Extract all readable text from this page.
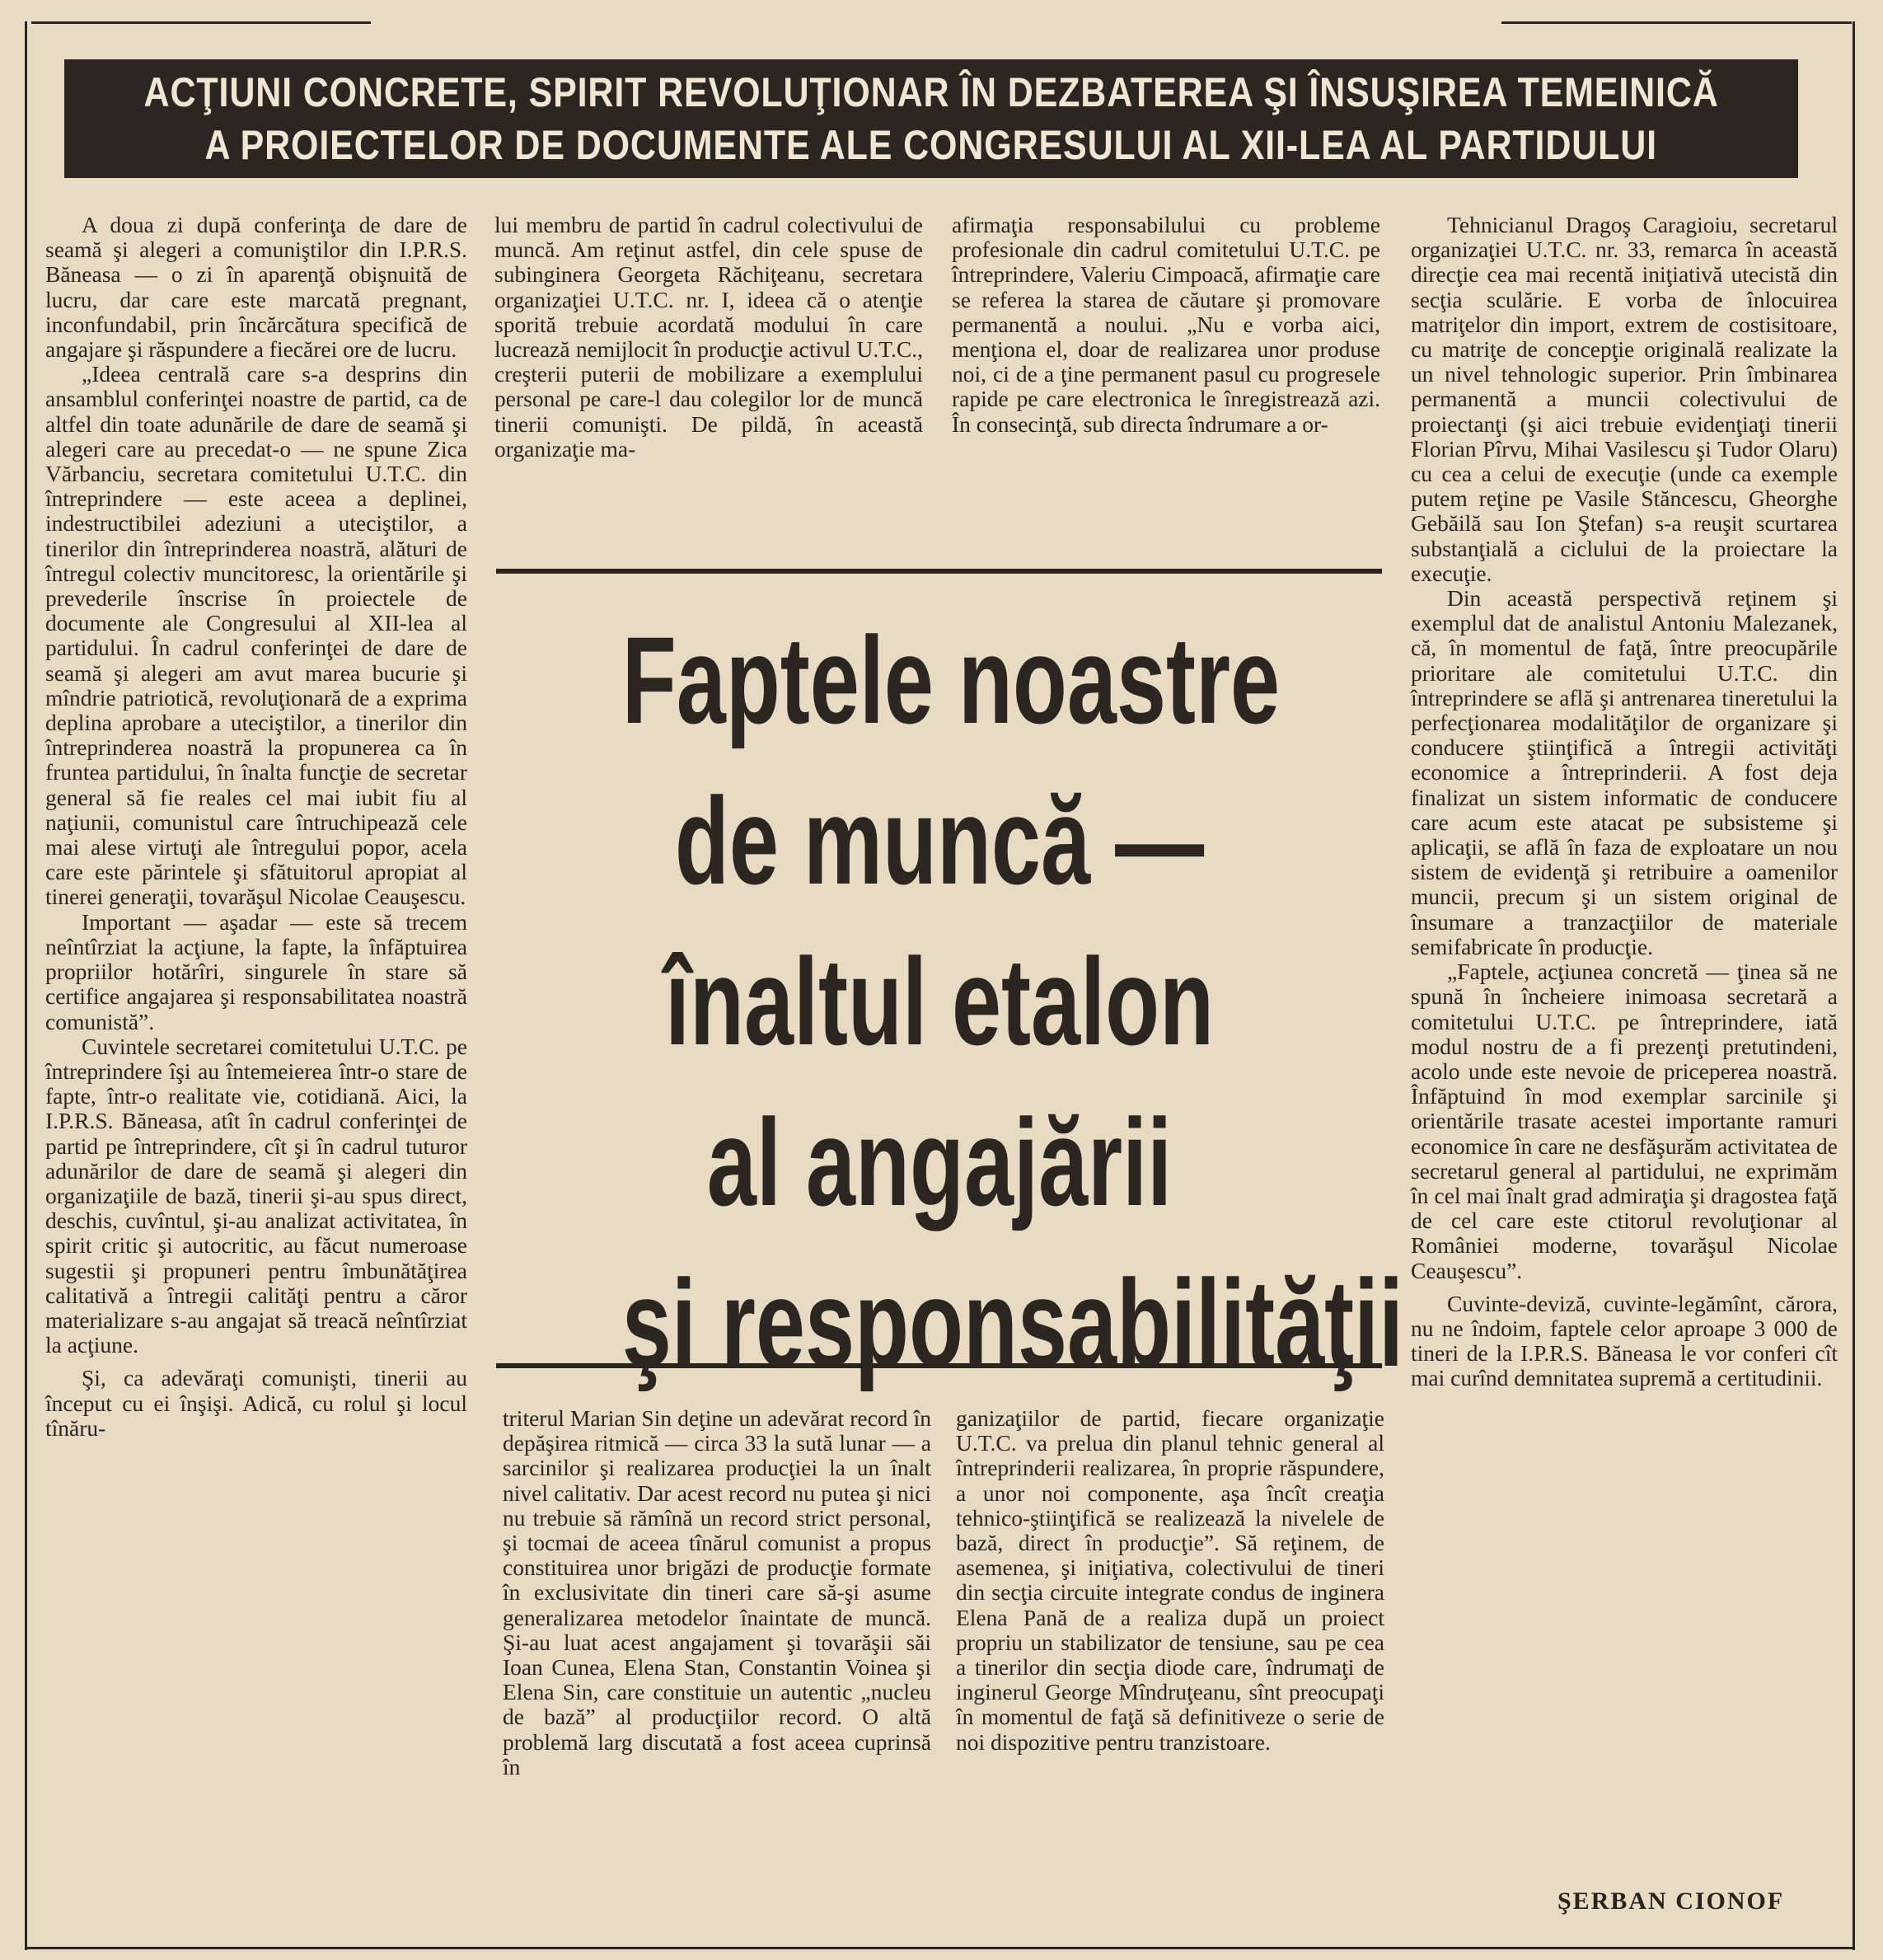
ACŢIUNI CONCRETE, SPIRIT REVOLUŢIONAR ÎN DEZBATEREA ŞI ÎNSUŞIREA TEMEINICĂ
A PROIECTELOR DE DOCUMENTE ALE CONGRESULUI AL XII-LEA AL PARTIDULUI

A doua zi după conferinţa de dare de seamă şi alegeri a comuniştilor din I.P.R.S. Băneasa — o zi în aparenţă obişnuită de lucru, dar care este marcată pregnant, inconfundabil, prin încărcătura specifică de angajare şi răspundere a fiecărei ore de lucru.

„Ideea centrală care s-a desprins din ansamblul conferinţei noastre de partid, ca de altfel din toate adunările de dare de seamă şi alegeri care au precedat-o — ne spune Zica Vărbanciu, secretara comitetului U.T.C. din întreprindere — este aceea a deplinei, indestructibilei adeziuni a uteciştilor, a tinerilor din întreprinderea noastră, alături de întregul colectiv muncitoresc, la orientările şi prevederile înscrise în proiectele de documente ale Congresului al XII-lea al partidului. În cadrul conferinţei de dare de seamă şi alegeri am avut marea bucurie şi mîndrie patriotică, revoluţionară de a exprima deplina aprobare a uteciştilor, a tinerilor din întreprinderea noastră la propunerea ca în fruntea partidului, în înalta funcţie de secretar general să fie reales cel mai iubit fiu al naţiunii, comunistul care întruchipează cele mai alese virtuţi ale întregului popor, acela care este părintele şi sfătuitorul apropiat al tinerei generaţii, tovarăşul Nicolae Ceauşescu.

Important — aşadar — este să trecem neîntîrziat la acţiune, la fapte, la înfăptuirea propriilor hotărîri, singurele în stare să certifice angajarea şi responsabilitatea noastră comunistă”.

Cuvintele secretarei comitetului U.T.C. pe întreprindere îşi au întemeierea într-o stare de fapte, într-o realitate vie, cotidiană. Aici, la I.P.R.S. Băneasa, atît în cadrul conferinţei de partid pe întreprindere, cît şi în cadrul tuturor adunărilor de dare de seamă şi alegeri din organizaţiile de bază, tinerii şi-au spus direct, deschis, cuvîntul, şi-au analizat activitatea, în spirit critic şi autocritic, au făcut numeroase sugestii şi propuneri pentru îmbunătăţirea calitativă a întregii calităţi pentru a căror materializare s-au angajat să treacă neîntîrziat la acţiune.

Şi, ca adevăraţi comunişti, tinerii au început cu ei înşişi. Adică, cu rolul şi locul tînăru-

lui membru de partid în cadrul colectivului de muncă. Am reţinut astfel, din cele spuse de subinginera Georgeta Răchiţeanu, secretara organizaţiei U.T.C. nr. I, ideea că o atenţie sporită trebuie acordată modului în care lucrează nemijlocit în producţie activul U.T.C., creşterii puterii de mobilizare a exemplului personal pe care-l dau colegilor lor de muncă tinerii comunişti. De pildă, în această organizaţie ma-

afirmaţia responsabilului cu probleme profesionale din cadrul comitetului U.T.C. pe întreprindere, Valeriu Cimpoacă, afirmaţie care se referea la starea de căutare şi promovare permanentă a noului. „Nu e vorba aici, menţiona el, doar de realizarea unor produse noi, ci de a ţine permanent pasul cu progresele rapide pe care electronica le înregistrează azi. În consecinţă, sub directa îndrumare a or-

Faptele noastre
de muncă —
înaltul etalon
al angajării
şi responsabilităţii

triterul Marian Sin deţine un adevărat record în depăşirea ritmică — circa 33 la sută lunar — a sarcinilor şi realizarea producţiei la un înalt nivel calitativ. Dar acest record nu putea şi nici nu trebuie să rămînă un record strict personal, şi tocmai de aceea tînărul comunist a propus constituirea unor brigăzi de producţie formate în exclusivitate din tineri care să-şi asume generalizarea metodelor înaintate de muncă. Şi-au luat acest angajament şi tovarăşii săi Ioan Cunea, Elena Stan, Constantin Voinea şi Elena Sin, care constituie un autentic „nucleu de bază” al producţiilor record. O altă problemă larg discutată a fost aceea cuprinsă în

ganizaţiilor de partid, fiecare organizaţie U.T.C. va prelua din planul tehnic general al întreprinderii realizarea, în proprie răspundere, a unor noi componente, aşa încît creaţia tehnico-ştiinţifică se realizează la nivelele de bază, direct în producţie”. Să reţinem, de asemenea, şi iniţiativa, colectivului de tineri din secţia circuite integrate condus de inginera Elena Pană de a realiza după un proiect propriu un stabilizator de tensiune, sau pe cea a tinerilor din secţia diode care, îndrumaţi de inginerul George Mîndruţeanu, sînt preocupaţi în momentul de faţă să definitiveze o serie de noi dispozitive pentru tranzistoare.

Tehnicianul Dragoş Caragioiu, secretarul organizaţiei U.T.C. nr. 33, remarca în această direcţie cea mai recentă iniţiativă utecistă din secţia sculărie. E vorba de înlocuirea matriţelor din import, extrem de costisitoare, cu matriţe de concepţie originală realizate la un nivel tehnologic superior. Prin îmbinarea permanentă a muncii colectivului de proiectanţi (şi aici trebuie evidenţiaţi tinerii Florian Pîrvu, Mihai Vasilescu şi Tudor Olaru) cu cea a celui de execuţie (unde ca exemple putem reţine pe Vasile Stăncescu, Gheorghe Gebăilă sau Ion Ştefan) s-a reuşit scurtarea substanţială a ciclului de la proiectare la execuţie.

Din această perspectivă reţinem şi exemplul dat de analistul Antoniu Malezanek, că, în momentul de faţă, între preocupările prioritare ale comitetului U.T.C. din întreprindere se află şi antrenarea tineretului la perfecţionarea modalităţilor de organizare şi conducere ştiinţifică a întregii activităţi economice a întreprinderii. A fost deja finalizat un sistem informatic de conducere care acum este atacat pe subsisteme şi aplicaţii, se află în faza de exploatare un nou sistem de evidenţă şi retribuire a oamenilor muncii, precum şi un sistem original de însumare a tranzacţiilor de materiale semifabricate în producţie.

„Faptele, acţiunea concretă — ţinea să ne spună în încheiere inimoasa secretară a comitetului U.T.C. pe întreprindere, iată modul nostru de a fi prezenţi pretutindeni, acolo unde este nevoie de priceperea noastră. Înfăptuind în mod exemplar sarcinile şi orientările trasate acestei importante ramuri economice în care ne desfăşurăm activitatea de secretarul general al partidului, ne exprimăm în cel mai înalt grad admiraţia şi dragostea faţă de cel care este ctitorul revoluţionar al României moderne, tovarăşul Nicolae Ceauşescu”.

Cuvinte-deviză, cuvinte-legămînt, cărora, nu ne îndoim, faptele celor aproape 3 000 de tineri de la I.P.R.S. Băneasa le vor conferi cît mai curînd demnitatea supremă a certitudinii.

ŞERBAN CIONOF
